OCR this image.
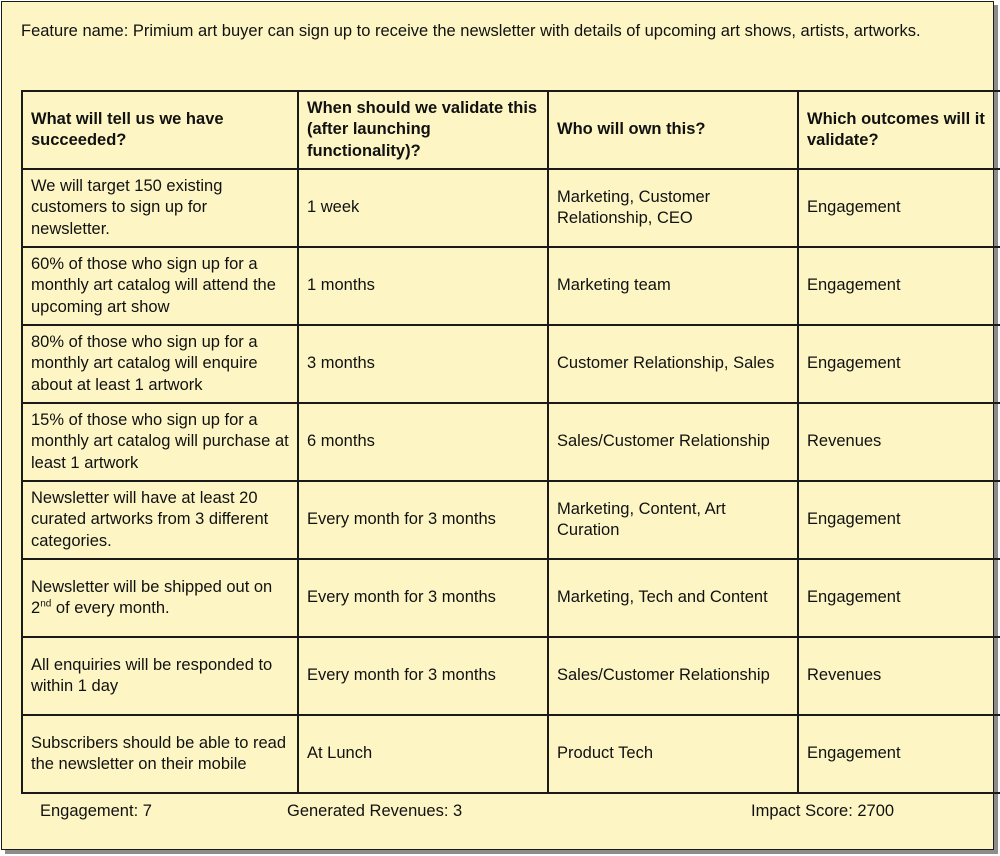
Feature name: Primium art buyer can sign up to receive the newsletter with details of upcoming art shows, artists, artworks.
What will tell us we have succeeded?	When should we validate this (after launching functionality)?	Who will own this?	Which outcomes will it validate?
We will target 150 existing customers to sign up for newsletter.	1 week	Marketing, Customer Relationship, CEO	Engagement
60% of those who sign up for a monthly art catalog will attend the upcoming art show	1 months	Marketing team	Engagement
80% of those who sign up for a monthly art catalog will enquire about at least 1 artwork	3 months	Customer Relationship, Sales	Engagement
15% of those who sign up for a monthly art catalog will purchase at least 1 artwork	6 months	Sales/Customer Relationship	Revenues
Newsletter will have at least 20 curated artworks from 3 different categories.	Every month for 3 months	Marketing, Content, Art Curation	Engagement
Newsletter will be shipped out on 2nd of every month.	Every month for 3 months	Marketing, Tech and Content	Engagement
All enquiries will be responded to within 1 day	Every month for 3 months	Sales/Customer Relationship	Revenues
Subscribers should be able to read the newsletter on their mobile	At Lunch	Product Tech	Engagement
Engagement: 7	Generated Revenues: 3	Impact Score: 2700
